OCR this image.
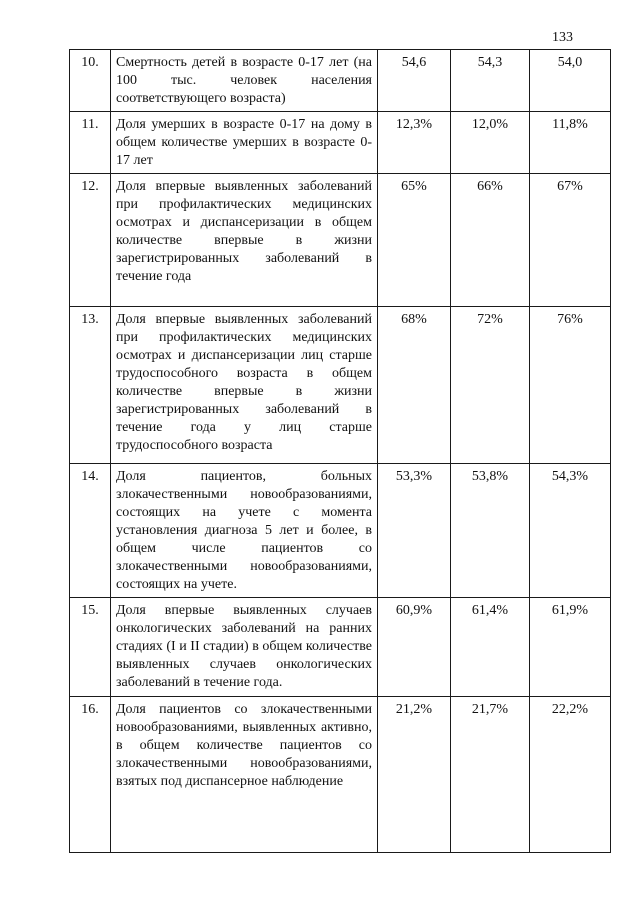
133
10.	Смертность детей в возрасте 0-17 лет (на 100 тыс. человек населения соответствующего возраста)	54,6	54,3	54,0
11.	Доля умерших в возрасте 0-17 на дому в общем количестве умерших в возрасте 0-17 лет	12,3%	12,0%	11,8%
12.	Доля впервые выявленных заболеваний при профилактических медицинских осмотрах и диспансеризации в общем количестве впервые в жизни зарегистрированных заболеваний в течение года	65%	66%	67%
13.	Доля впервые выявленных заболеваний при профилактических медицинских осмотрах и диспансеризации лиц старше трудоспособного возраста в общем количестве впервые в жизни зарегистрированных заболеваний в течение года у лиц старше трудоспособного возраста	68%	72%	76%
14.	Доля пациентов, больных злокачественными новообразованиями, состоящих на учете с момента установления диагноза 5 лет и более, в общем числе пациентов со злокачественными новообразованиями, состоящих на учете.	53,3%	53,8%	54,3%
15.	Доля впервые выявленных случаев онкологических заболеваний на ранних стадиях (I и II стадии) в общем количестве выявленных случаев онкологических заболеваний в течение года.	60,9%	61,4%	61,9%
16.	Доля пациентов со злокачественными новообразованиями, выявленных активно, в общем количестве пациентов со злокачественными новообразованиями, взятых под диспансерное наблюдение	21,2%	21,7%	22,2%
